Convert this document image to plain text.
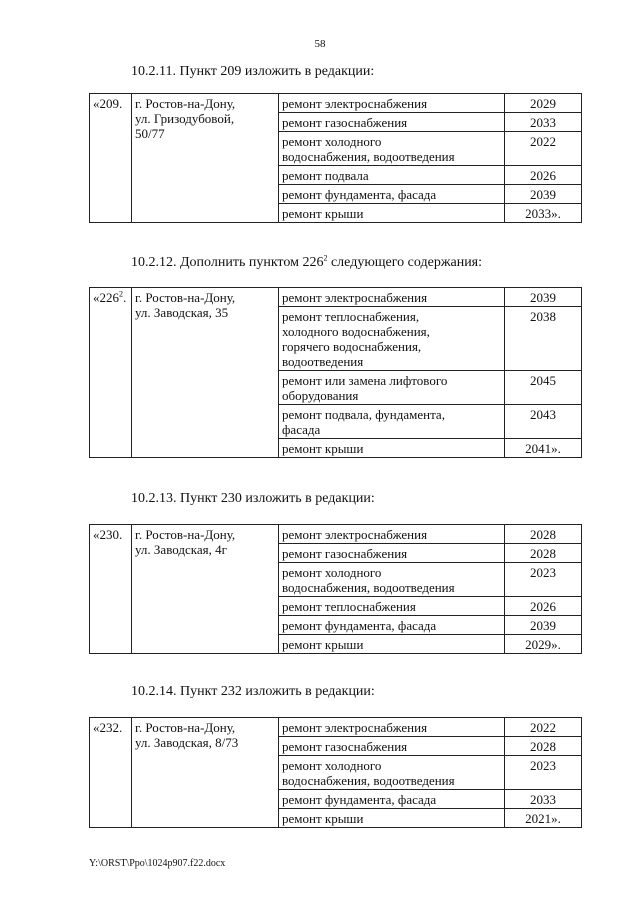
58
10.2.11. Пункт 209 изложить в редакции:
«209.	г. Ростов-на-Дону,
ул. Гризодубовой,
50/77	ремонт электроснабжения	2029

		ремонт газоснабжения	2033

		ремонт холодного
водоснабжения, водоотведения	2022

		ремонт подвала	2026

		ремонт фундамента, фасада	2039

		ремонт крыши	2033».
10.2.12. Дополнить пунктом $226^2$ следующего содержания:
«$226^2$.	г. Ростов-на-Дону,
ул. Заводская, 35	ремонт электроснабжения	2039

		ремонт теплоснабжения,
холодного водоснабжения,
горячего водоснабжения,
водоотведения	2038

		ремонт или замена лифтового
оборудования	2045

		ремонт подвала, фундамента,
фасада	2043

		ремонт крыши	2041».
10.2.13. Пункт 230 изложить в редакции:
«230.	г. Ростов-на-Дону,
ул. Заводская, 4г	ремонт электроснабжения	2028

		ремонт газоснабжения	2028

		ремонт холодного
водоснабжения, водоотведения	2023

		ремонт теплоснабжения	2026

		ремонт фундамента, фасада	2039

		ремонт крыши	2029».
10.2.14. Пункт 232 изложить в редакции:
«232.	г. Ростов-на-Дону,
ул. Заводская, 8/73	ремонт электроснабжения	2022

		ремонт газоснабжения	2028

		ремонт холодного
водоснабжения, водоотведения	2023

		ремонт фундамента, фасада	2033

		ремонт крыши	2021».
Y:\ORST\Ppo\1024p907.f22.docx
